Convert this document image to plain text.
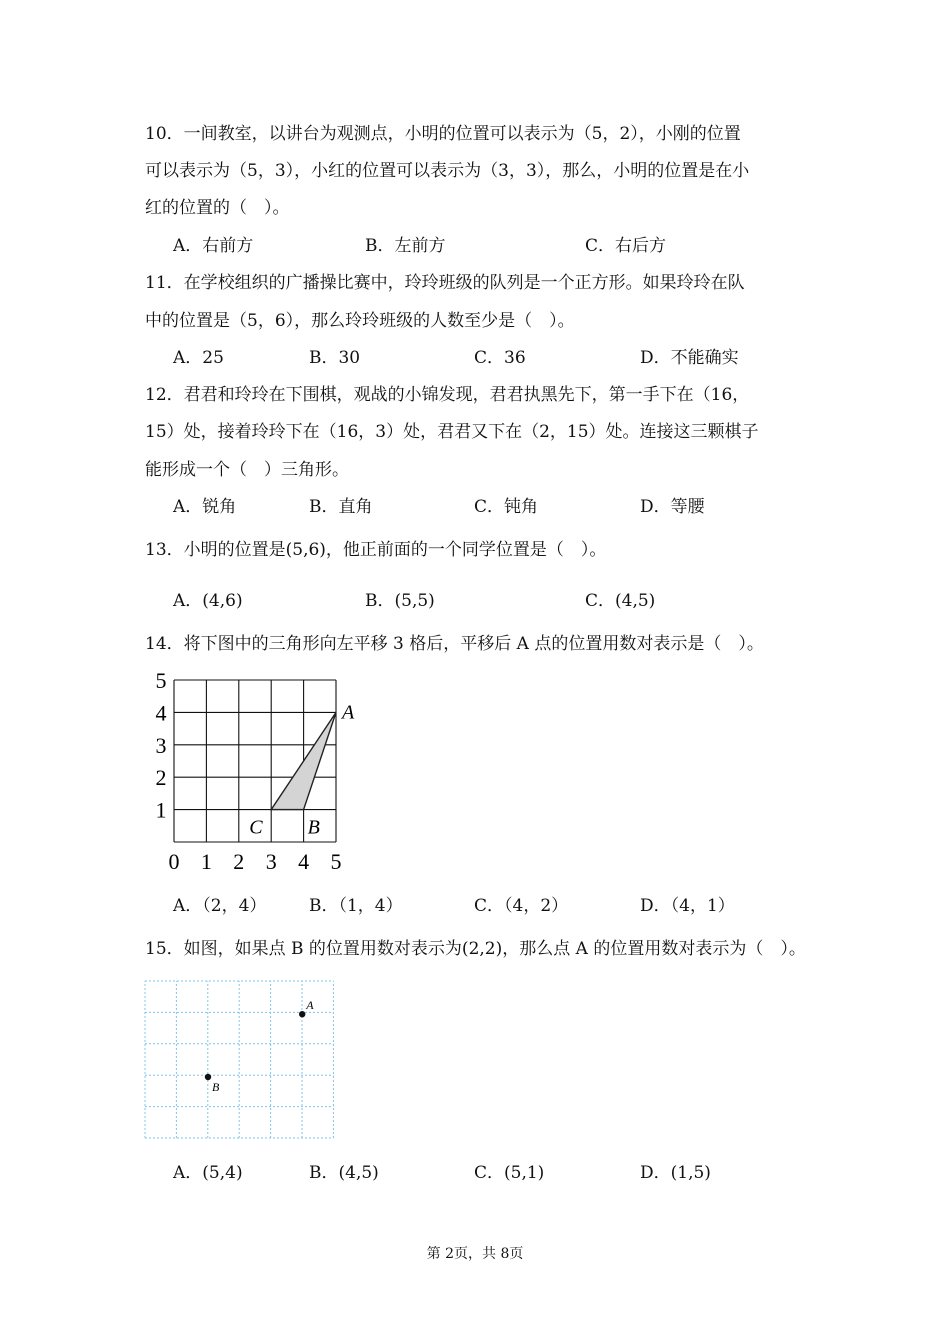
10．一间教室，以讲台为观测点，小明的位置可以表示为（5，2），小刚的位置
可以表示为（5，3），小红的位置可以表示为（3，3），那么，小明的位置是在小
红的位置的（　）。
A．右前方	B．左前方	C．右后方
11．在学校组织的广播操比赛中，玲玲班级的队列是一个正方形。如果玲玲在队
中的位置是（5，6），那么玲玲班级的人数至少是（　）。
A．25	B．30	C．36	D．不能确实
12．君君和玲玲在下围棋，观战的小锦发现，君君执黑先下，第一手下在（16，
15）处，接着玲玲下在（16，3）处，君君又下在（2，15）处。连接这三颗棋子
能形成一个（　）三角形。
A．锐角	B．直角	C．钝角	D．等腰
13．小明的位置是(5,6)，他正前面的一个同学位置是（　）。
A．(4,6)	B．(5,5)	C．(4,5)
14．将下图中的三角形向左平移 3 格后，平移后 A 点的位置用数对表示是（　）。
0 1 2 3 4 5
1
2
3
4
5
A
B
C
A．（2，4）	B．（1，4）	C．（4，2）	D．（4，1）
15．如图，如果点 B 的位置用数对表示为(2,2)，那么点 A 的位置用数对表示为（　）。
A
B
A．(5,4)	B．(4,5)	C．(5,1)	D．(1,5)
第 2页，共 8页
